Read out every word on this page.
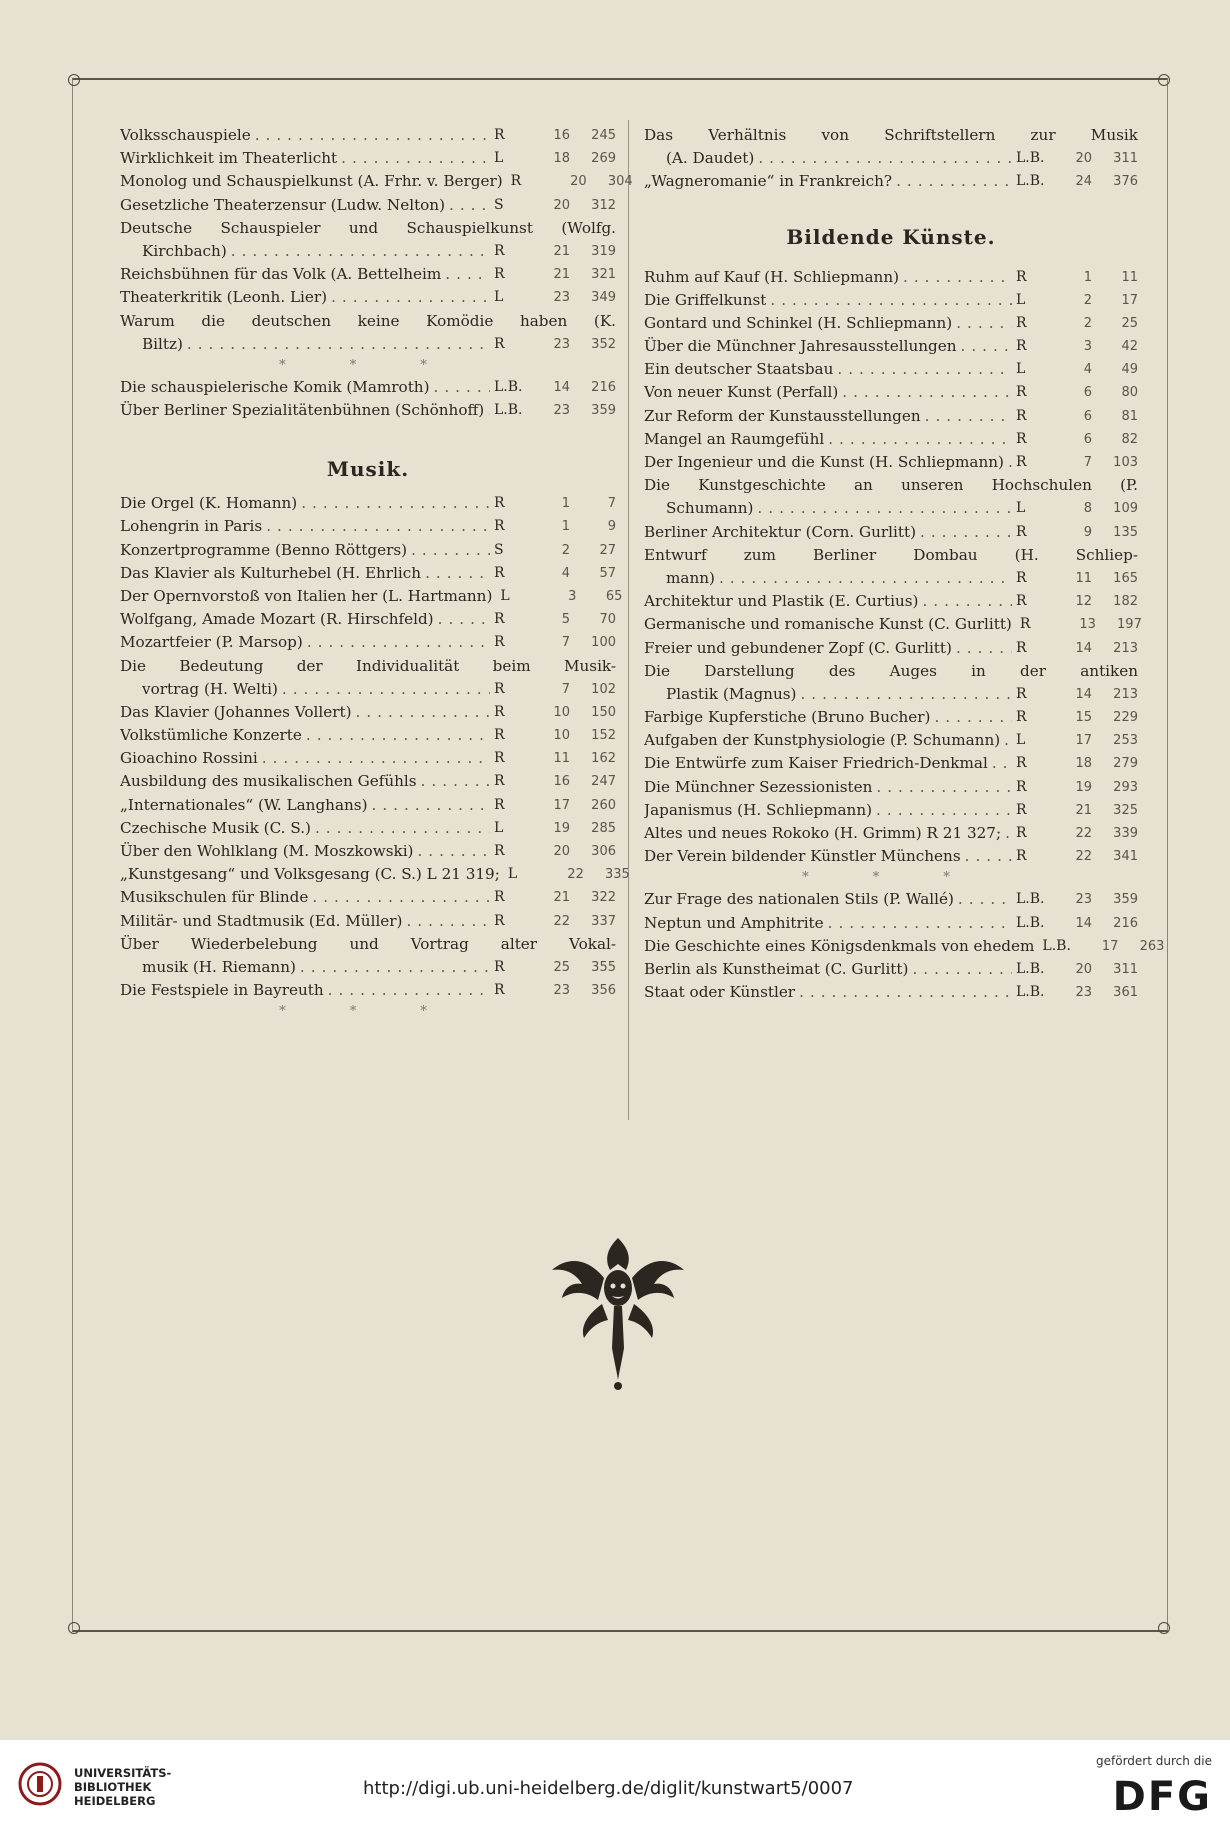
Volksschauspiele .....	R	16	245
Wirklichkeit im Theaterlicht .....	L	18	269
Monolog und Schauspielkunst (A. Frhr. v. Berger) R	20	304
Gesetzliche Theaterzensur (Ludw. Nelton) .....	S	20	312
Deutsche Schauspieler und Schauspielkunst (Wolfg.
Kirchbach) .....	R	21	319
Reichsbühnen für das Volk (A. Bettelheim .....	R	21	321
Theaterkritik (Leonh. Lier) .....	L	23	349
Warum die deutschen keine Komödie haben (K.
Biltz) .....	R	23	352
* * *
Die schauspielerische Komik (Mamroth) .....	L.B.	14	216
Über Berliner Spezialitätenbühnen (Schönhoff) ..... L.B.	23	359
Musik.
Die Orgel (K. Homann) .....	R	1	7
Lohengrin in Paris .....	R	1	9
Konzertprogramme (Benno Röttgers) .....	S	2	27
Das Klavier als Kulturhebel (H. Ehrlich .....	R	4	57
Der Opernvorstoß von Italien her (L. Hartmann) L	3	65
Wolfgang, Amade Mozart (R. Hirschfeld) .....	R	5	70
Mozartfeier (P. Marsop) .....	R	7	100
Die Bedeutung der Individualität beim Musik-
vortrag (H. Welti) .....	R	7	102
Das Klavier (Johannes Vollert) .....	R	10	150
Volkstümliche Konzerte .....	R	10	152
Gioachino Rossini .....	R	11	162
Ausbildung des musikalischen Gefühls .....	R	16	247
„Internationales“ (W. Langhans) .....	R	17	260
Czechische Musik (C. S.) .....	L	19	285
Über den Wohlklang (M. Moszkowski) .....	R	20	306
„Kunstgesang“ und Volksgesang (C. S.) L 21 319; L	22	335
Musikschulen für Blinde .....	R	21	322
Militär- und Stadtmusik (Ed. Müller) .....	R	22	337
Über Wiederbelebung und Vortrag alter Vokal-
musik (H. Riemann) .....	R	25	355
Die Festspiele in Bayreuth .....	R	23	356
* * *
Das Verhältnis von Schriftstellern zur Musik
(A. Daudet) .....	L.B.	20	311
„Wagneromanie“ in Frankreich? .....	L.B.	24	376
Bildende Künste.
Ruhm auf Kauf (H. Schliepmann) .....	R	1	11
Die Griffelkunst .....	L	2	17
Gontard und Schinkel (H. Schliepmann) .....	R	2	25
Über die Münchner Jahresausstellungen .....	R	3	42
Ein deutscher Staatsbau .....	L	4	49
Von neuer Kunst (Perfall) .....	R	6	80
Zur Reform der Kunstausstellungen .....	R	6	81
Mangel an Raumgefühl .....	R	6	82
Der Ingenieur und die Kunst (H. Schliepmann) ..... R	7	103
Die Kunstgeschichte an unseren Hochschulen (P.
Schumann) .....	L	8	109
Berliner Architektur (Corn. Gurlitt) .....	R	9	135
Entwurf zum Berliner Dombau (H. Schliep-
mann) .....	R	11	165
Architektur und Plastik (E. Curtius) .....	R	12	182
Germanische und romanische Kunst (C. Gurlitt) R	13	197
Freier und gebundener Zopf (C. Gurlitt) .....	R	14	213
Die Darstellung des Auges in der antiken
Plastik (Magnus) .....	R	14	213
Farbige Kupferstiche (Bruno Bucher) .....	R	15	229
Aufgaben der Kunstphysiologie (P. Schumann) ..... L	17	253
Die Entwürfe zum Kaiser Friedrich-Denkmal ..... R	18	279
Die Münchner Sezessionisten .....	R	19	293
Japanismus (H. Schliepmann) .....	R	21	325
Altes und neues Rokoko (H. Grimm) R 21 327; ..... R	22	339
Der Verein bildender Künstler Münchens .....	R	22	341
* * *
Zur Frage des nationalen Stils (P. Wallé) .....	L.B.	23	359
Neptun und Amphitrite .....	L.B.	14	216
Die Geschichte eines Königsdenkmals von ehedem L.B.	17	263
Berlin als Kunstheimat (C. Gurlitt) .....	L.B.	20	311
Staat oder Künstler .....	L.B.	23	361
UNIVERSITÄTS-
BIBLIOTHEK
HEIDELBERG
http://digi.ub.uni-heidelberg.de/diglit/kunstwart5/0007
gefördert durch die
DFG
